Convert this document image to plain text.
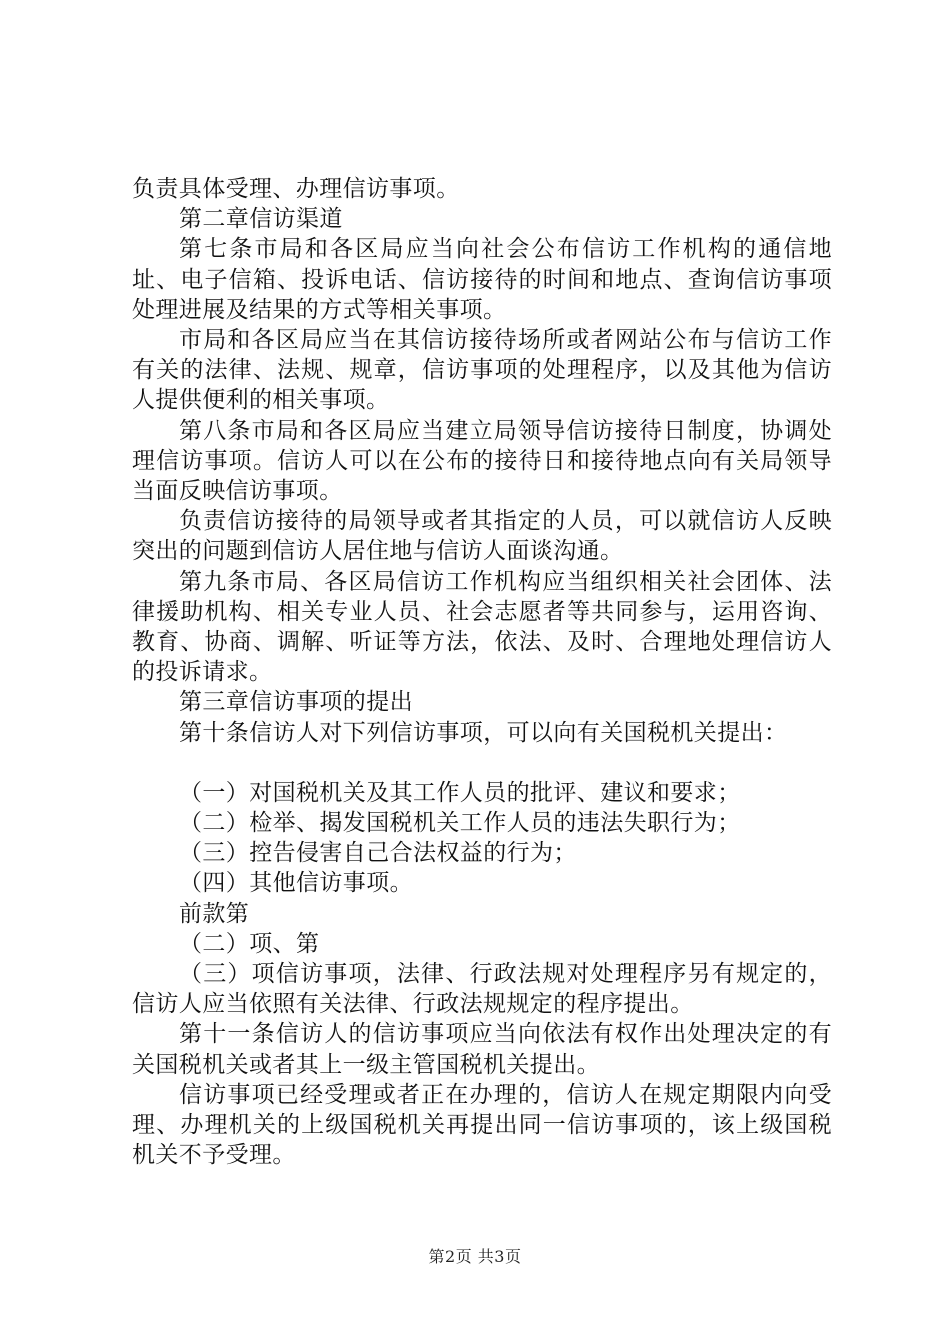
负责具体受理、办理信访事项。

第二章信访渠道

第七条市局和各区局应当向社会公布信访工作机构的通信地址、电子信箱、投诉电话、信访接待的时间和地点、查询信访事项处理进展及结果的方式等相关事项。

市局和各区局应当在其信访接待场所或者网站公布与信访工作有关的法律、法规、规章，信访事项的处理程序，以及其他为信访人提供便利的相关事项。

第八条市局和各区局应当建立局领导信访接待日制度，协调处理信访事项。信访人可以在公布的接待日和接待地点向有关局领导当面反映信访事项。

负责信访接待的局领导或者其指定的人员，可以就信访人反映突出的问题到信访人居住地与信访人面谈沟通。

第九条市局、各区局信访工作机构应当组织相关社会团体、法律援助机构、相关专业人员、社会志愿者等共同参与，运用咨询、教育、协商、调解、听证等方法，依法、及时、合理地处理信访人的投诉请求。

第三章信访事项的提出

第十条信访人对下列信访事项，可以向有关国税机关提出：

（一）对国税机关及其工作人员的批评、建议和要求；

（二）检举、揭发国税机关工作人员的违法失职行为；

（三）控告侵害自己合法权益的行为；

（四）其他信访事项。

前款第

（二）项、第

（三）项信访事项，法律、行政法规对处理程序另有规定的，信访人应当依照有关法律、行政法规规定的程序提出。

第十一条信访人的信访事项应当向依法有权作出处理决定的有关国税机关或者其上一级主管国税机关提出。

信访事项已经受理或者正在办理的，信访人在规定期限内向受理、办理机关的上级国税机关再提出同一信访事项的，该上级国税机关不予受理。

第2页 共3页
